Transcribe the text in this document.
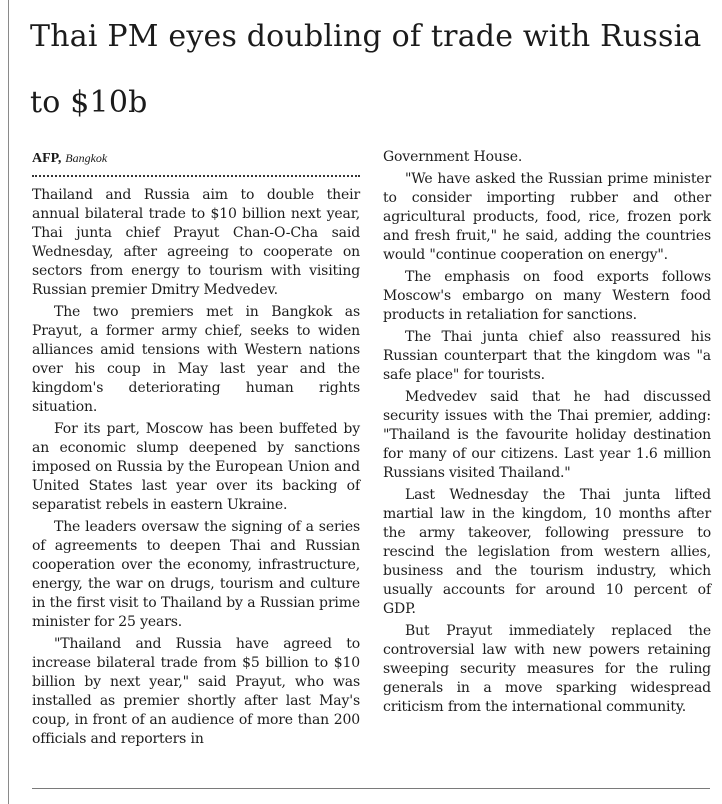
Thai PM eyes doubling of trade with Russia to $10b
AFP, Bangkok

Thailand and Russia aim to double their annual bilateral trade to $10 billion next year, Thai junta chief Prayut Chan-O-Cha said Wednesday, after agreeing to cooperate on sectors from energy to tourism with visiting Russian premier Dmitry Medvedev.

The two premiers met in Bangkok as Prayut, a former army chief, seeks to widen alliances amid tensions with Western nations over his coup in May last year and the kingdom's deteriorating human rights situation.

For its part, Moscow has been buffeted by an economic slump deepened by sanctions imposed on Russia by the European Union and United States last year over its backing of separatist rebels in eastern Ukraine.

The leaders oversaw the signing of a series of agreements to deepen Thai and Russian cooperation over the economy, infrastructure, energy, the war on drugs, tourism and culture in the first visit to Thailand by a Russian prime minister for 25 years.

"Thailand and Russia have agreed to increase bilateral trade from $5 billion to $10 billion by next year," said Prayut, who was installed as premier shortly after last May's coup, in front of an audience of more than 200 officials and reporters in

Government House.

"We have asked the Russian prime minister to consider importing rubber and other agricultural products, food, rice, frozen pork and fresh fruit," he said, adding the countries would "continue cooperation on energy".

The emphasis on food exports follows Moscow's embargo on many Western food products in retaliation for sanctions.

The Thai junta chief also reassured his Russian counterpart that the kingdom was "a safe place" for tourists.

Medvedev said that he had discussed security issues with the Thai premier, adding: "Thailand is the favourite holiday destination for many of our citizens. Last year 1.6 million Russians visited Thailand."

Last Wednesday the Thai junta lifted martial law in the kingdom, 10 months after the army takeover, following pressure to rescind the legislation from western allies, business and the tourism industry, which usually accounts for around 10 percent of GDP.

But Prayut immediately replaced the controversial law with new powers retaining sweeping security measures for the ruling generals in a move sparking widespread criticism from the international community.
